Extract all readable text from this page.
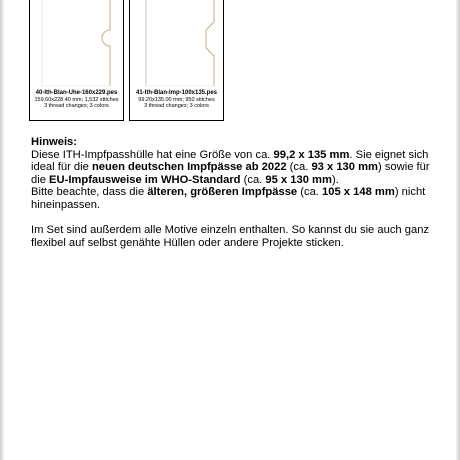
40-Ith-Blan-Uhe-160x229.pes
159.60x228.40 mm; 1,532 stitches
3 thread changes; 3 colors
41-Ith-Blan-Imp-100x135.pes
99.20x135.00 mm; 950 stitches
3 thread changes; 3 colors

Hinweis:

Diese ITH-Impfpasshülle hat eine Größe von ca. 99,2 x 135 mm. Sie eignet sich ideal für die neuen deutschen Impfpässe ab 2022 (ca. 93 x 130 mm) sowie für die EU-Impfausweise im WHO-Standard (ca. 95 x 130 mm).

Bitte beachte, dass die älteren, größeren Impfpässe (ca. 105 x 148 mm) nicht hineinpassen.

Im Set sind außerdem alle Motive einzeln enthalten. So kannst du sie auch ganz flexibel auf selbst genähte Hüllen oder andere Projekte sticken.
